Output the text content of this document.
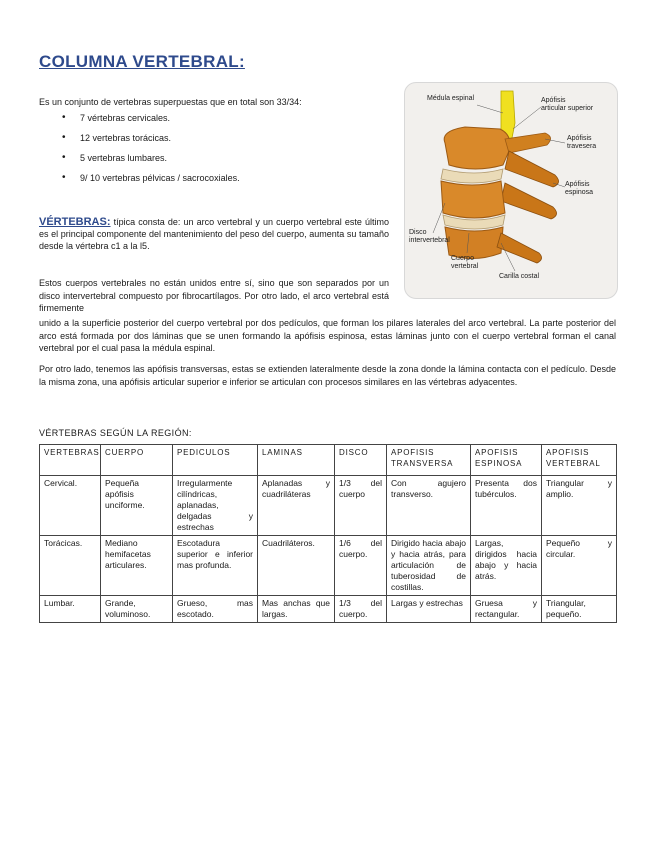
COLUMNA VERTEBRAL:

Es un conjunto de vertebras superpuestas que en total son 33/34:

• 7 vértebras cervicales.
• 12 vertebras torácicas.
• 5 vertebras lumbares.
• 9/ 10 vertebras pélvicas / sacrocoxiales.

VÉRTEBRAS: típica consta de: un arco vertebral y un cuerpo vertebral este último es el principal componente del mantenimiento del peso del cuerpo, aumenta su tamaño desde la vértebra c1 a la l5.

Estos cuerpos vertebrales no están unidos entre sí, sino que son separados por un disco intervertebral compuesto por fibrocartílagos. Por otro lado, el arco vertebral está firmemente

unido a la superficie posterior del cuerpo vertebral por dos pedículos, que forman los pilares laterales del arco vertebral. La parte posterior del arco está formada por dos láminas que se unen formando la apófisis espinosa, estas láminas junto con el cuerpo vertebral forman el canal vertebral por el cual pasa la médula espinal.

Por otro lado, tenemos las apófisis transversas, estas se extienden lateralmente desde la zona donde la lámina contacta con el pedículo. Desde la misma zona, una apófisis articular superior e inferior se articulan con procesos similares en las vértebras adyacentes.

Médula espinal	Apófisis
articular superior
Apófisis
travesera
Apófisis
espinosa
Disco
intervertebral
Cuerpo
vertebral
Carilla costal

VÉRTEBRAS SEGÚN LA REGIÓN:

VERTEBRAS	CUERPO	PEDICULOS	LAMINAS	DISCO	APOFISIS TRANSVERSA	APOFISIS ESPINOSA	APOFISIS VERTEBRAL
Cervical.	Pequeña apófisis unciforme.	Irregularmente cilíndricas, aplanadas, delgadas y estrechas	Aplanadas y cuadriláteras	1/3 del cuerpo	Con agujero transverso.	Presenta dos tubérculos.	Triangular y amplio.
Torácicas.	Mediano hemifacetas articulares.	Escotadura superior e inferior mas profunda.	Cuadriláteros.	1/6 del cuerpo.	Dirigido hacia abajo y hacia atrás, para articulación de tuberosidad de costillas.	Largas, dirigidos hacia abajo y hacia atrás.	Pequeño y circular.
Lumbar.	Grande, voluminoso.	Grueso, mas escotado.	Mas anchas que largas.	1/3 del cuerpo.	Largas y estrechas	Gruesa y rectangular.	Triangular, pequeño.
